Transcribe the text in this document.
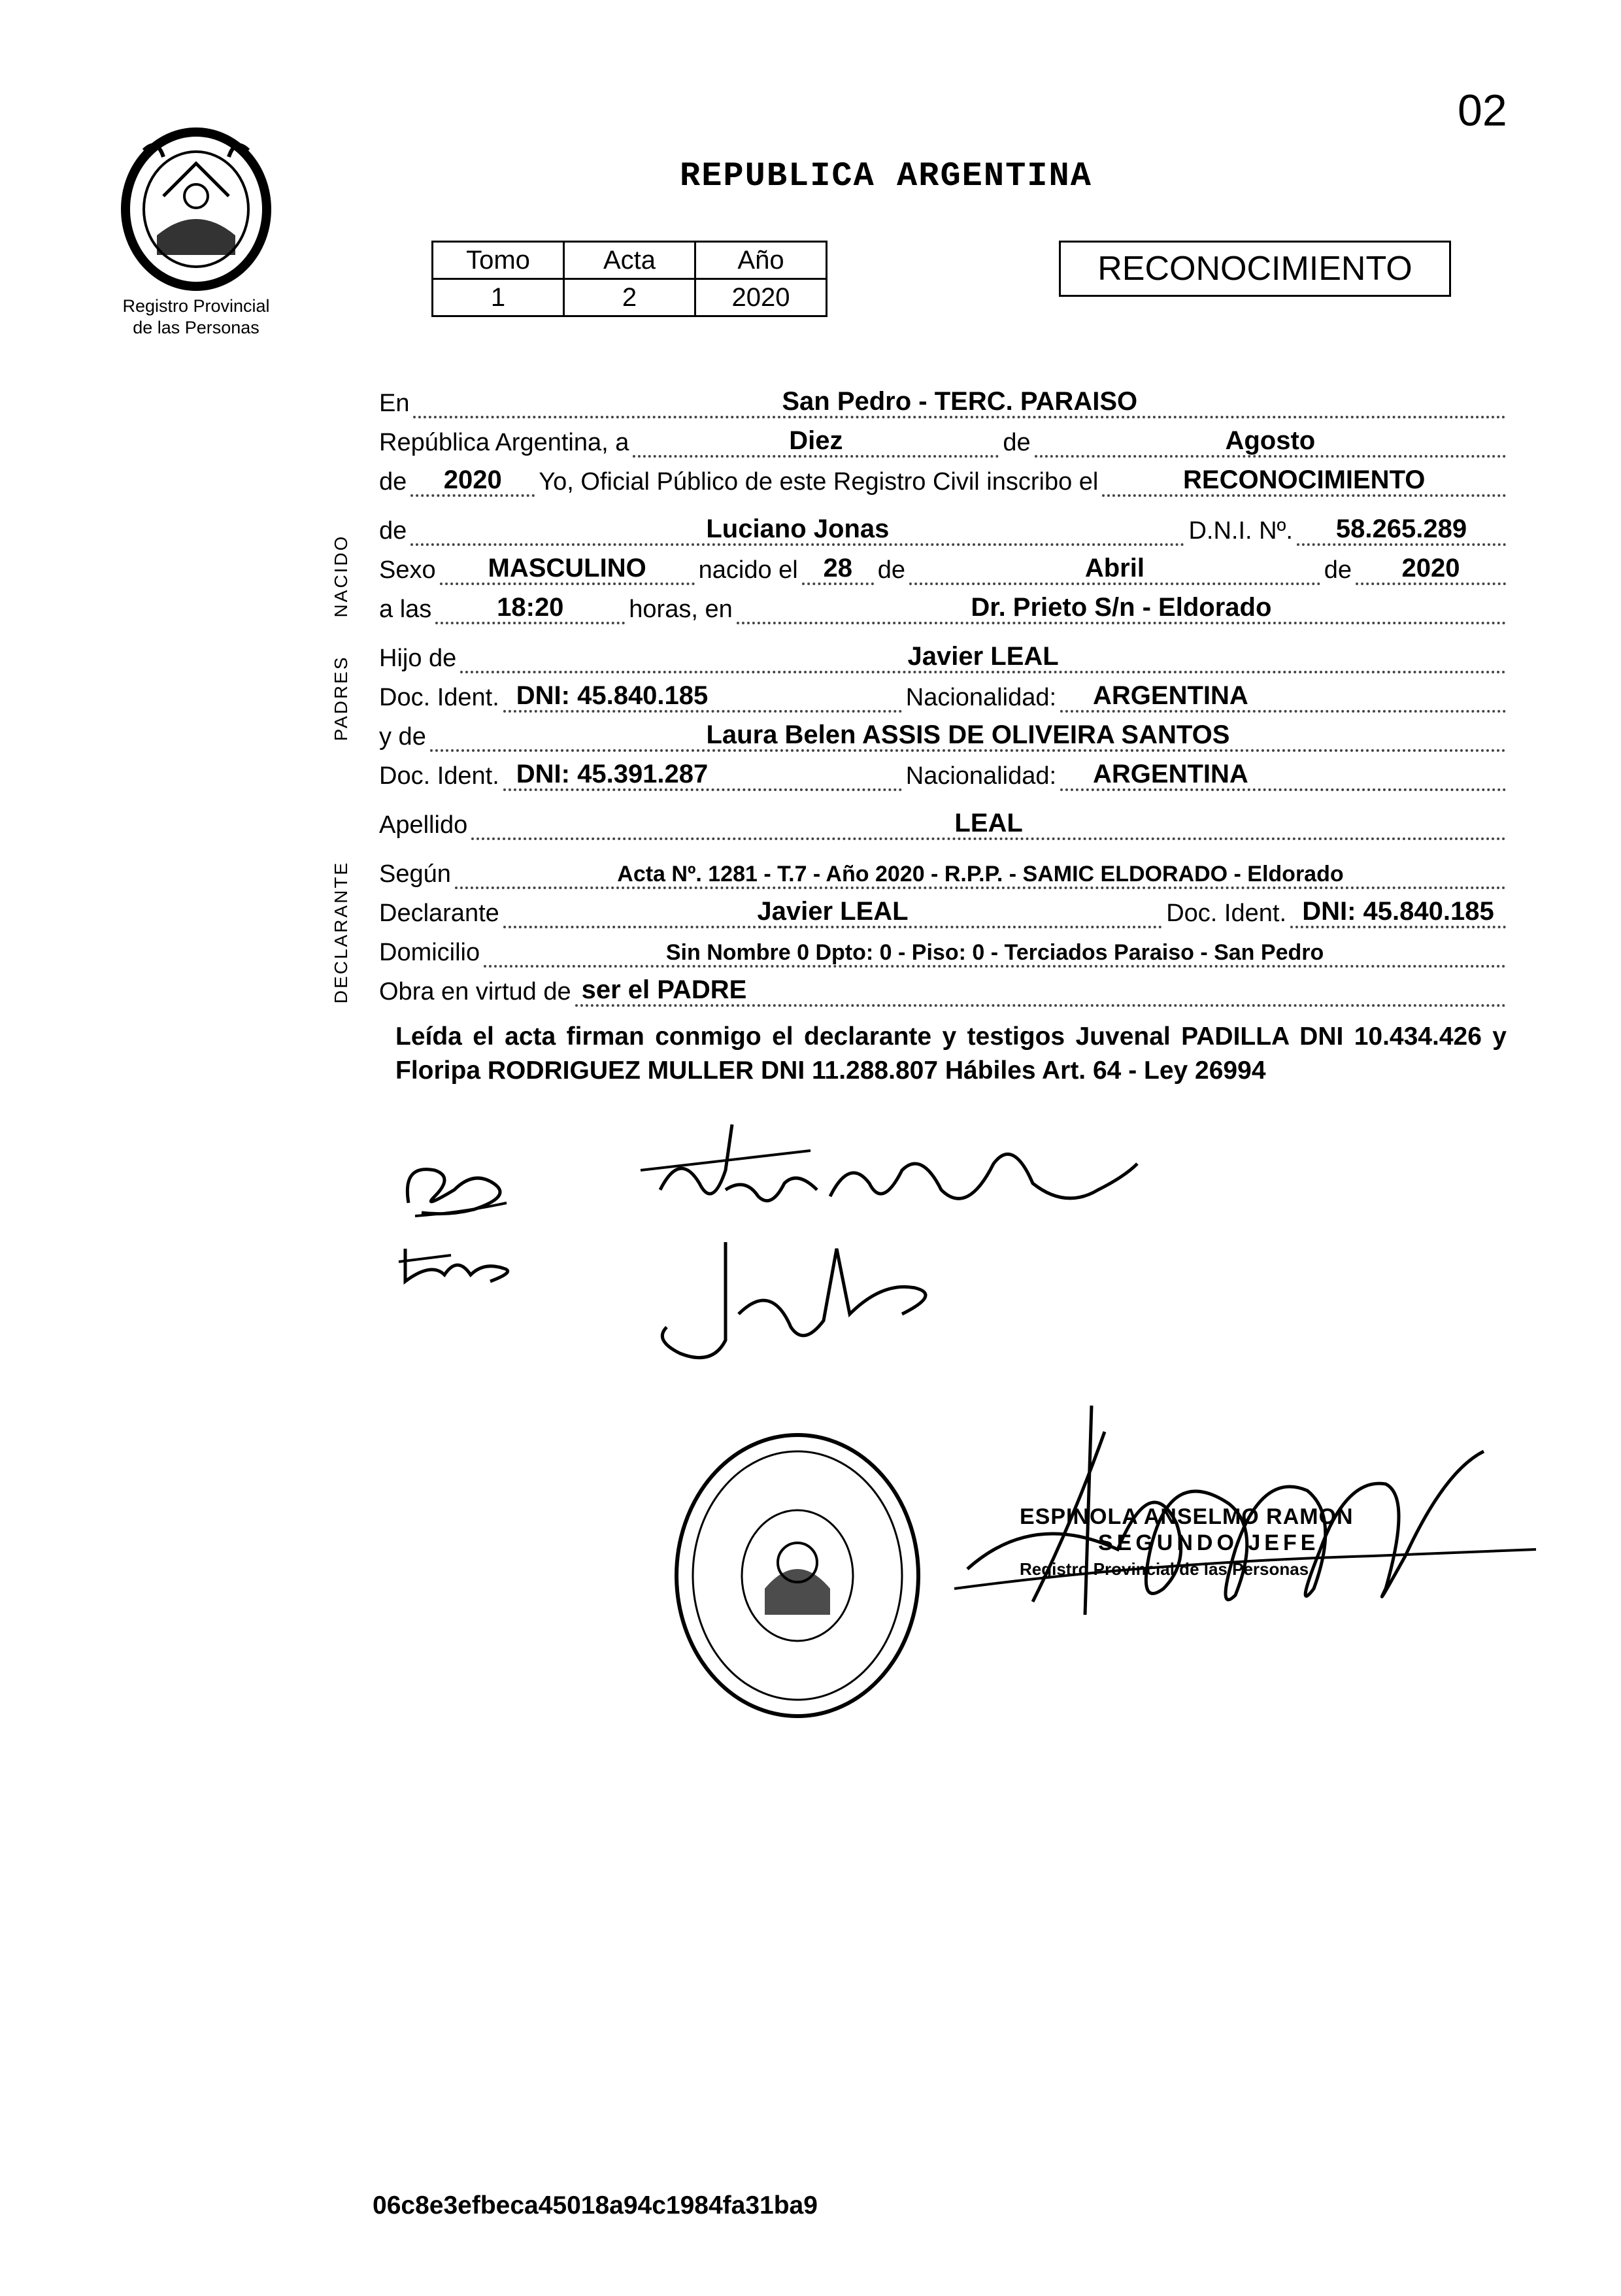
02
Registro Provincial
de las Personas
REPUBLICA ARGENTINA
Tomo	Acta	Año
1	2	2020
RECONOCIMIENTO
NACIDO
PADRES
DECLARANTE
En	San Pedro - TERC. PARAISO
República Argentina, a	Diez	de	Agosto
de	2020	Yo, Oficial Público de este Registro Civil inscribo el	RECONOCIMIENTO
de	Luciano Jonas	D.N.I. Nº.	58.265.289
Sexo	MASCULINO	nacido el 28	de	Abril	de	2020
a las	18:20	horas, en	Dr. Prieto S/n - Eldorado
Hijo de	Javier LEAL
Doc. Ident. DNI: 45.840.185	Nacionalidad:	ARGENTINA
y de	Laura Belen ASSIS DE OLIVEIRA SANTOS
Doc. Ident. DNI: 45.391.287	Nacionalidad:	ARGENTINA
Apellido	LEAL
Según	Acta Nº. 1281 - T.7 - Año 2020 - R.P.P. - SAMIC ELDORADO - Eldorado
Declarante	Javier LEAL	Doc. Ident. DNI: 45.840.185
Domicilio	Sin Nombre 0 Dpto: 0 - Piso: 0 - Terciados Paraiso - San Pedro
Obra en virtud de ser el PADRE
Leída el acta firman conmigo el declarante y testigos Juvenal PADILLA DNI 10.434.426 y Floripa RODRIGUEZ MULLER DNI 11.288.807 Hábiles Art. 64 - Ley 26994
ESPINOLA ANSELMO RAMON
SEGUNDO JEFE
Registro Provincial de las Personas
06c8e3efbeca45018a94c1984fa31ba9
